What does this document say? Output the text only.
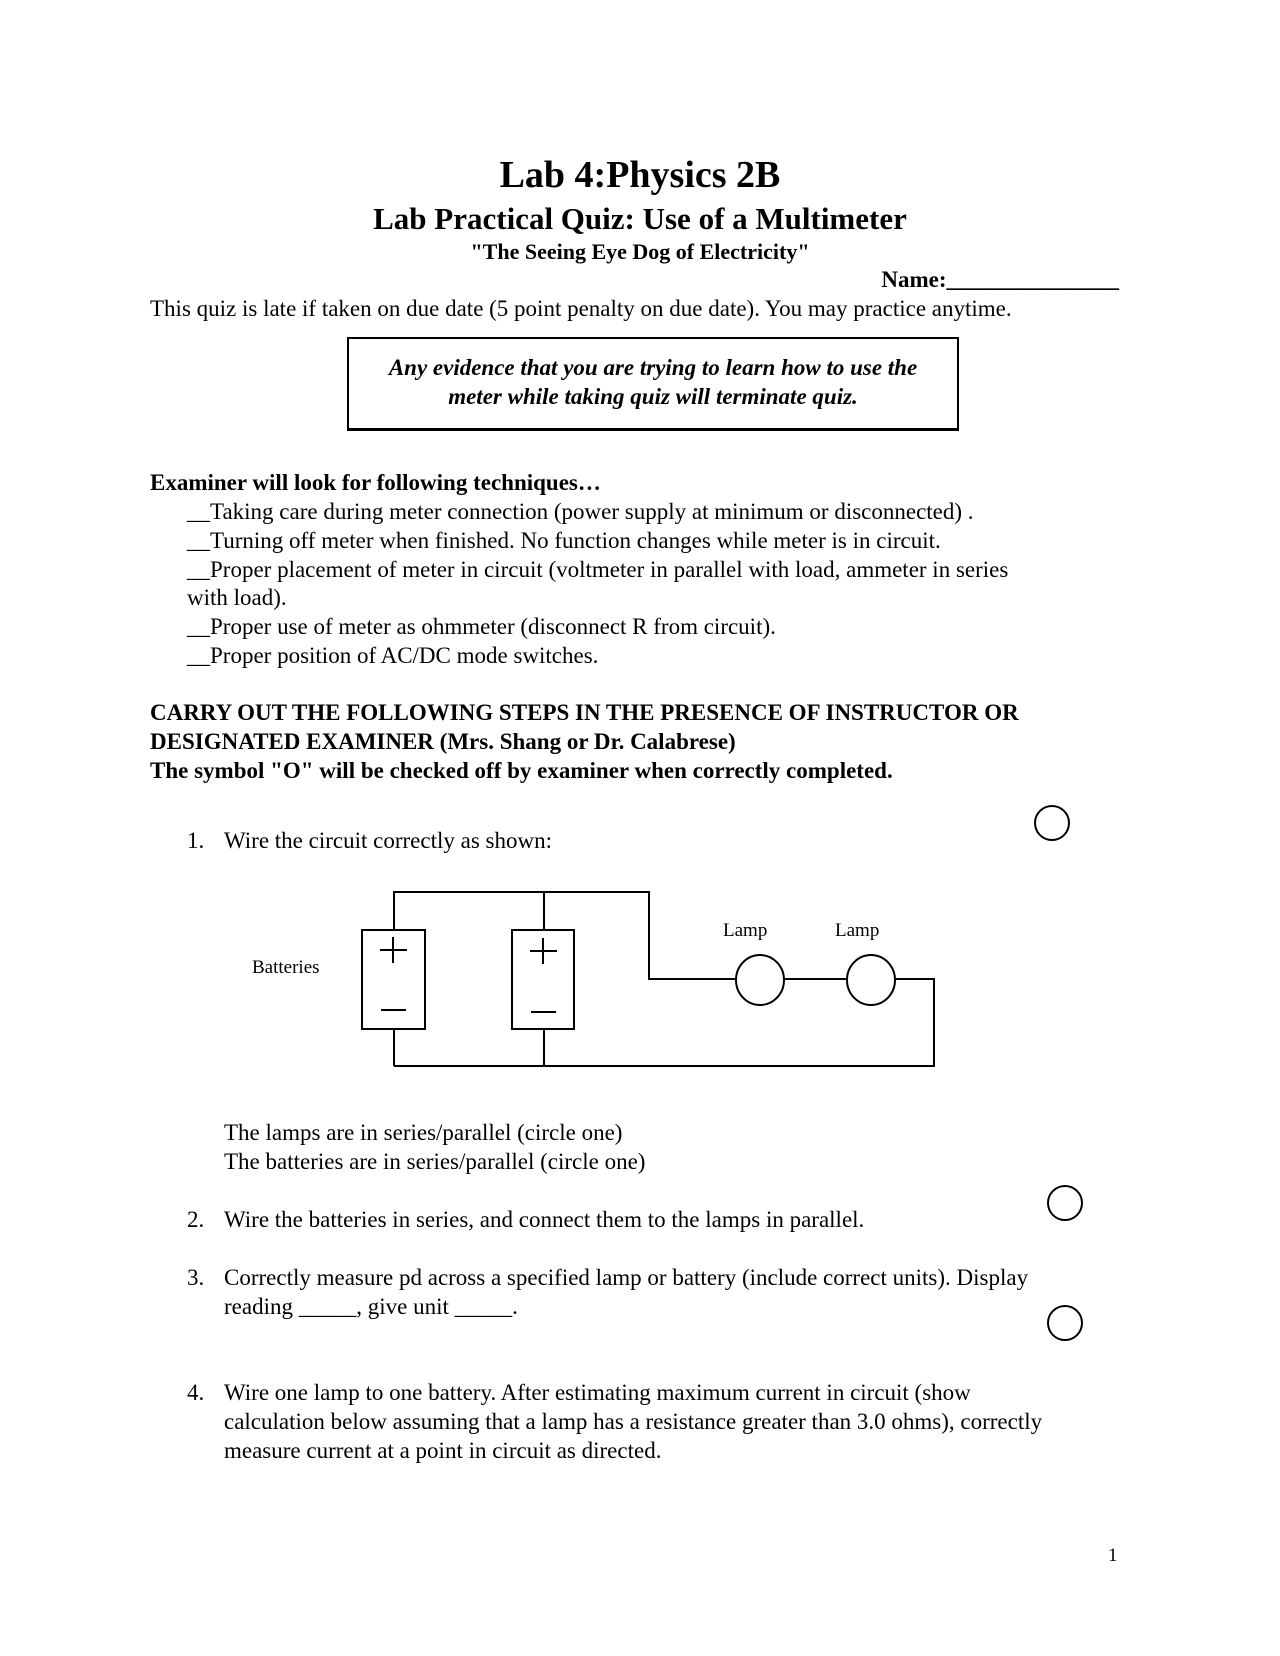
Lab 4:Physics 2B
Lab Practical Quiz: Use of a Multimeter
"The Seeing Eye Dog of Electricity"
Name:_______________
This quiz is late if taken on due date (5 point penalty on due date). You may practice anytime.
Any evidence that you are trying to learn how to use the
meter while taking quiz will terminate quiz.
Examiner will look for following techniques…
__Taking care during meter connection (power supply at minimum or disconnected) .
__Turning off meter when finished. No function changes while meter is in circuit.
__Proper placement of meter in circuit (voltmeter in parallel with load, ammeter in series
with load).
__Proper use of meter as ohmmeter (disconnect R from circuit).
__Proper position of AC/DC mode switches.
CARRY OUT THE FOLLOWING STEPS IN THE PRESENCE OF INSTRUCTOR OR
DESIGNATED EXAMINER (Mrs. Shang or Dr. Calabrese)
The symbol "O" will be checked off by examiner when correctly completed.
1. Wire the circuit correctly as shown:
Batteries
Lamp	Lamp
The lamps are in series/parallel (circle one)
The batteries are in series/parallel (circle one)
2. Wire the batteries in series, and connect them to the lamps in parallel.
3. Correctly measure pd across a specified lamp or battery (include correct units). Display
reading _____, give unit _____.
4. Wire one lamp to one battery. After estimating maximum current in circuit (show
calculation below assuming that a lamp has a resistance greater than 3.0 ohms), correctly
measure current at a point in circuit as directed.
1
